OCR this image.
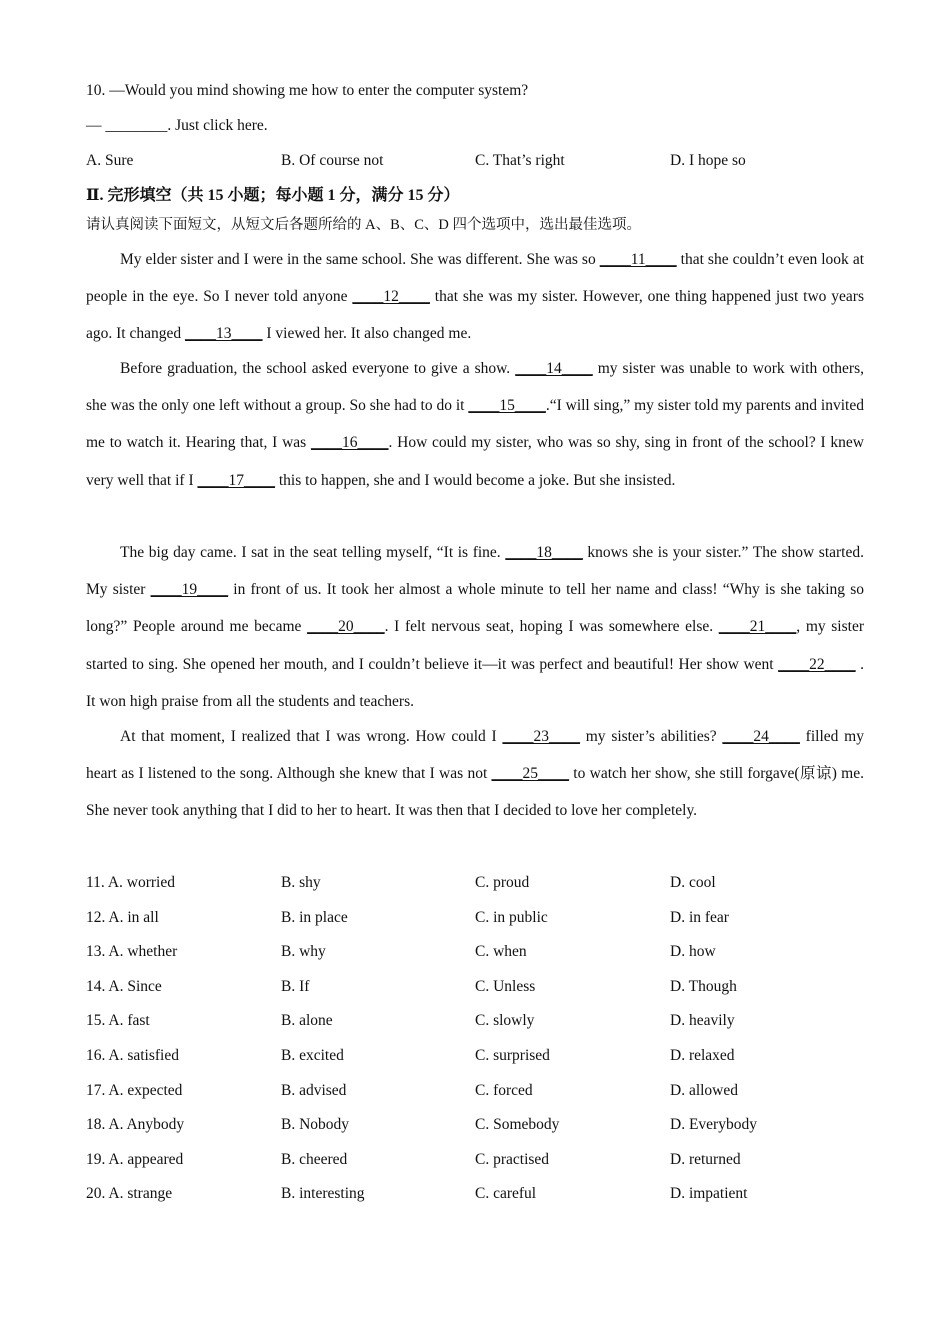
10. —Would you mind showing me how to enter the computer system?
— ________. Just click here.
A. Sure	B. Of course not	C. That’s right	D. I hope so
Ⅱ. 完形填空（共 15 小题；每小题 1 分，满分 15 分）
请认真阅读下面短文，从短文后各题所给的 A、B、C、D 四个选项中，选出最佳选项。
My elder sister and I were in the same school. She was different. She was so ____11____ that she couldn’t even look at people in the eye. So I never told anyone ____12____ that she was my sister. However, one thing happened just two years ago. It changed ____13____ I viewed her. It also changed me.
Before graduation, the school asked everyone to give a show. ____14____ my sister was unable to work with others, she was the only one left without a group. So she had to do it ____15____.“I will sing,” my sister told my parents and invited me to watch it. Hearing that, I was ____16____. How could my sister, who was so shy, sing in front of the school? I knew very well that if I ____17____ this to happen, she and I would become a joke. But she insisted.
The big day came. I sat in the seat telling myself, “It is fine. ____18____ knows she is your sister.” The show started. My sister ____19____ in front of us. It took her almost a whole minute to tell her name and class! “Why is she taking so long?” People around me became ____20____. I felt nervous seat, hoping I was somewhere else. ____21____, my sister started to sing. She opened her mouth, and I couldn’t believe it—it was perfect and beautiful! Her show went ____22____ . It won high praise from all the students and teachers.
At that moment, I realized that I was wrong. How could I ____23____ my sister’s abilities? ____24____ filled my heart as I listened to the song. Although she knew that I was not ____25____ to watch her show, she still forgave(原谅) me. She never took anything that I did to her to heart. It was then that I decided to love her completely.
11. A. worried	B. shy	C. proud	D. cool
12. A. in all	B. in place	C. in public	D. in fear
13. A. whether	B. why	C. when	D. how
14. A. Since	B. If	C. Unless	D. Though
15. A. fast	B. alone	C. slowly	D. heavily
16. A. satisfied	B. excited	C. surprised	D. relaxed
17. A. expected	B. advised	C. forced	D. allowed
18. A. Anybody	B. Nobody	C. Somebody	D. Everybody
19. A. appeared	B. cheered	C. practised	D. returned
20. A. strange	B. interesting	C. careful	D. impatient
